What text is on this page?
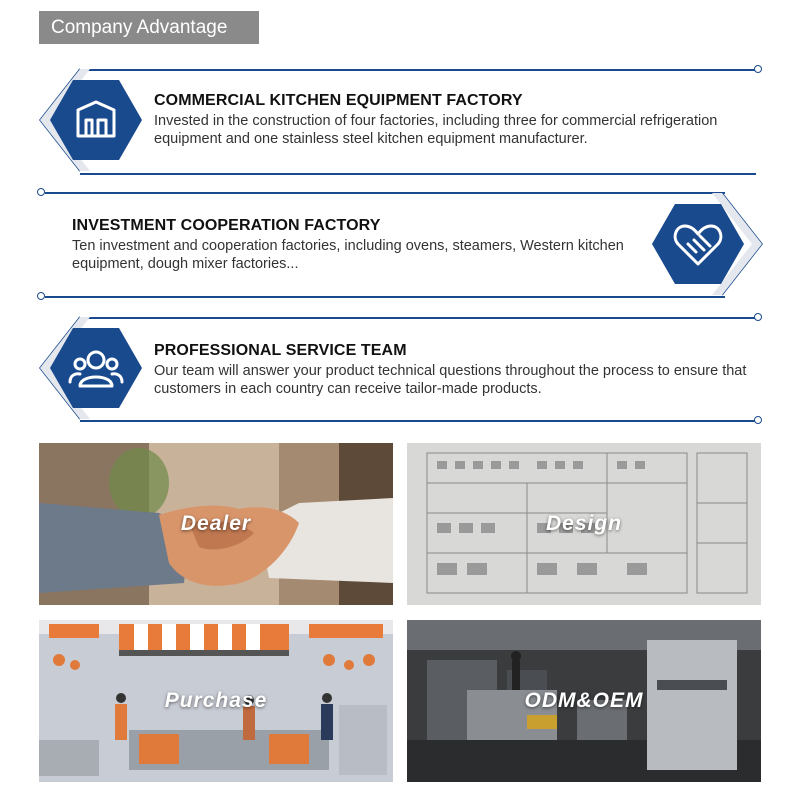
Company Advantage
COMMERCIAL KITCHEN EQUIPMENT FACTORY
Invested in the construction of four factories, including three for commercial refrigeration equipment and one stainless steel kitchen equipment manufacturer.
INVESTMENT COOPERATION FACTORY
Ten investment and cooperation factories, including ovens, steamers, Western kitchen equipment, dough mixer factories...
PROFESSIONAL SERVICE TEAM
Our team will answer your product technical questions throughout the process to ensure that customers in each country can receive tailor-made products.
Dealer	Design
Purchase	ODM&OEM
